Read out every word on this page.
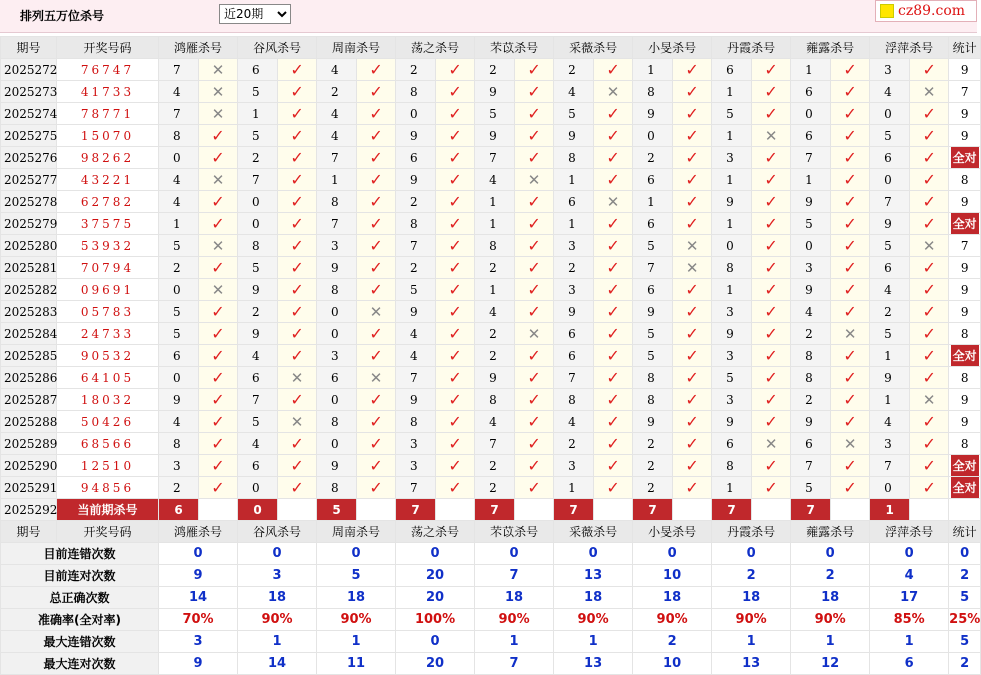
排列五万位杀号
近20期	cz89.com
期号	开奖号码	鸿雁杀号		谷风杀号		周南杀号		荡之杀号		芣苡杀号		采薇杀号		小旻杀号		丹霞杀号		蕹露杀号		浮萍杀号		统计
2025272	76747	7	✕	6	✓	4	✓	2	✓	2	✓	2	✓	1	✓	6	✓	1	✓	3	✓	9
2025273	41733	4	✕	5	✓	2	✓	8	✓	9	✓	4	✕	8	✓	1	✓	6	✓	4	✕	7
2025274	78771	7	✕	1	✓	4	✓	0	✓	5	✓	5	✓	9	✓	5	✓	0	✓	0	✓	9
2025275	15070	8	✓	5	✓	4	✓	9	✓	9	✓	9	✓	0	✓	1	✕	6	✓	5	✓	9
2025276	98262	0	✓	2	✓	7	✓	6	✓	7	✓	8	✓	2	✓	3	✓	7	✓	6	✓	全对
2025277	43221	4	✕	7	✓	1	✓	9	✓	4	✕	1	✓	6	✓	1	✓	1	✓	0	✓	8
2025278	62782	4	✓	0	✓	8	✓	2	✓	1	✓	6	✕	1	✓	9	✓	9	✓	7	✓	9
2025279	37575	1	✓	0	✓	7	✓	8	✓	1	✓	1	✓	6	✓	1	✓	5	✓	9	✓	全对
2025280	53932	5	✕	8	✓	3	✓	7	✓	8	✓	3	✓	5	✕	0	✓	0	✓	5	✕	7
2025281	70794	2	✓	5	✓	9	✓	2	✓	2	✓	2	✓	7	✕	8	✓	3	✓	6	✓	9
2025282	09691	0	✕	9	✓	8	✓	5	✓	1	✓	3	✓	6	✓	1	✓	9	✓	4	✓	9
2025283	05783	5	✓	2	✓	0	✕	9	✓	4	✓	9	✓	9	✓	3	✓	4	✓	2	✓	9
2025284	24733	5	✓	9	✓	0	✓	4	✓	2	✕	6	✓	5	✓	9	✓	2	✕	5	✓	8
2025285	90532	6	✓	4	✓	3	✓	4	✓	2	✓	6	✓	5	✓	3	✓	8	✓	1	✓	全对
2025286	64105	0	✓	6	✕	6	✕	7	✓	9	✓	7	✓	8	✓	5	✓	8	✓	9	✓	8
2025287	18032	9	✓	7	✓	0	✓	9	✓	8	✓	8	✓	8	✓	3	✓	2	✓	1	✕	9
2025288	50426	4	✓	5	✕	8	✓	8	✓	4	✓	4	✓	9	✓	9	✓	9	✓	4	✓	9
2025289	68566	8	✓	4	✓	0	✓	3	✓	7	✓	2	✓	2	✓	6	✕	6	✕	3	✓	8
2025290	12510	3	✓	6	✓	9	✓	3	✓	2	✓	3	✓	2	✓	8	✓	7	✓	7	✓	全对
2025291	94856	2	✓	0	✓	8	✓	7	✓	2	✓	1	✓	2	✓	1	✓	5	✓	0	✓	全对
2025292	当前期杀号	6		0		5		7		7		7		7		7		7		1		
期号	开奖号码	鸿雁杀号		谷风杀号		周南杀号		荡之杀号		芣苡杀号		采薇杀号		小旻杀号		丹霞杀号		蕹露杀号		浮萍杀号		统计
目前连错次数		0		0		0		0		0		0		0		0		0		0		0
目前连对次数		9		3		5		20		7		13		10		2		2		4		2
总正确次数		14		18		18		20		18		18		18		18		18		17		5
准确率(全对率)		70%		90%		90%		100%		90%		90%		90%		90%		90%		85%		25%
最大连错次数		3		1		1		0		1		1		2		1		1		1		5
最大连对次数		9		14		11		20		7		13		10		13		12		6		2
